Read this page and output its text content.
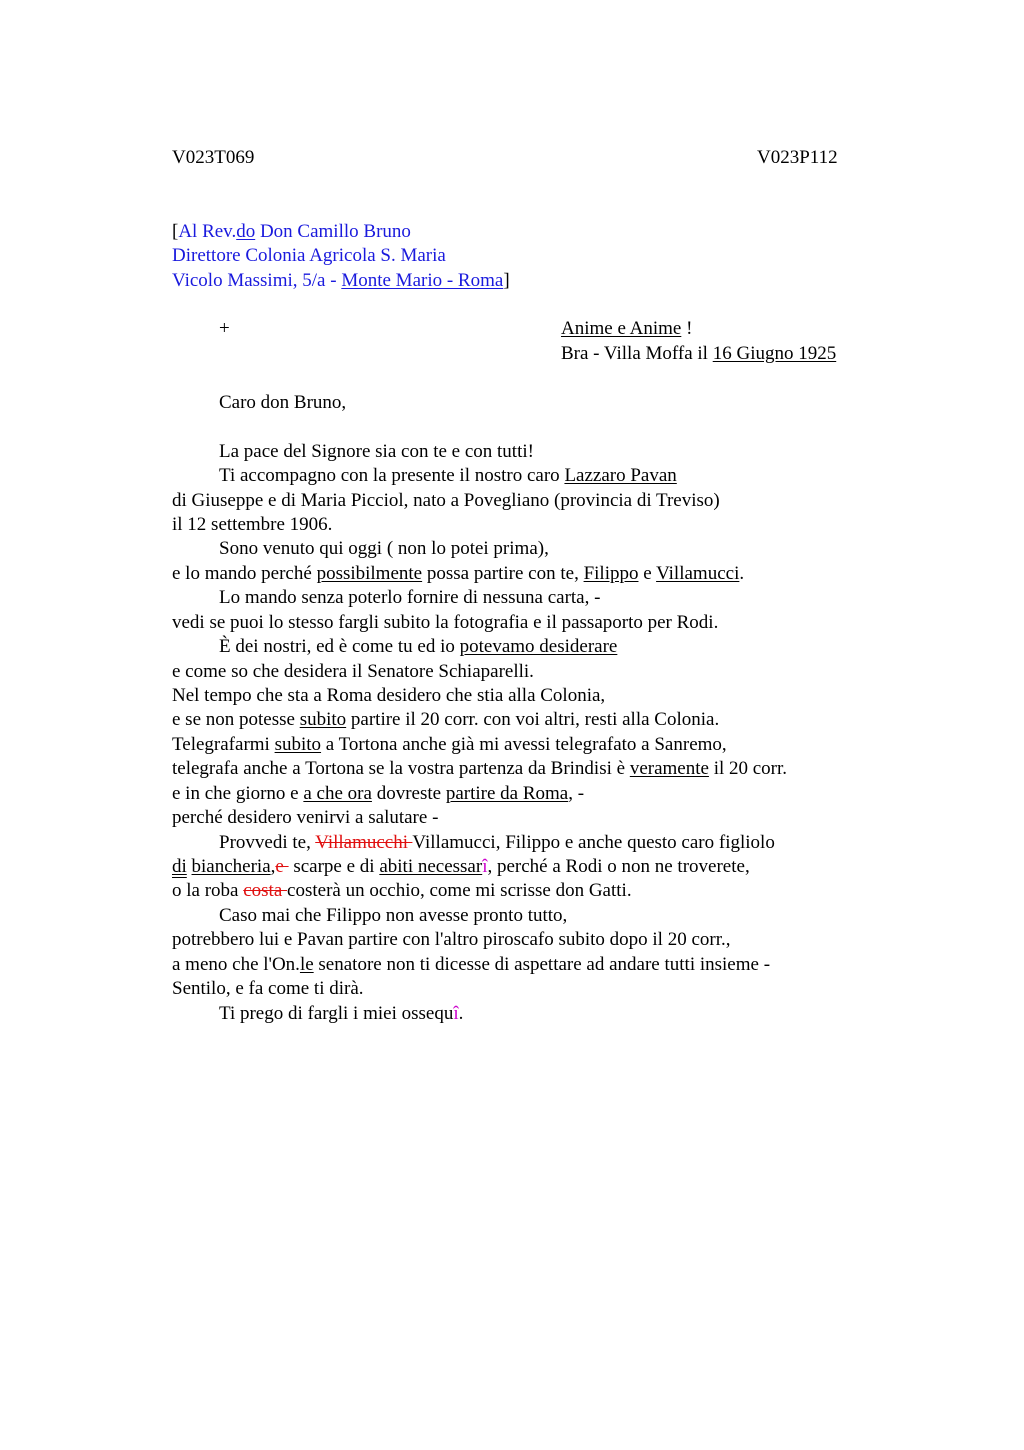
V023T069	V023P112
[Al Rev.do Don Camillo Bruno
Direttore Colonia Agricola S. Maria
Vicolo Massimi, 5/a - Monte Mario - Roma]
+	Anime e Anime !
Bra - Villa Moffa il 16 Giugno 1925
Caro don Bruno,
La pace del Signore sia con te e con tutti!
Ti accompagno con la presente il nostro caro Lazzaro Pavan
di Giuseppe e di Maria Picciol, nato a Povegliano (provincia di Treviso)
il 12 settembre 1906.
Sono venuto qui oggi ( non lo potei prima),
e lo mando perché possibilmente possa partire con te, Filippo e Villamucci.
Lo mando senza poterlo fornire di nessuna carta, -
vedi se puoi lo stesso fargli subito la fotografia e il passaporto per Rodi.
È dei nostri, ed è come tu ed io potevamo desiderare
e come so che desidera il Senatore Schiaparelli.
Nel tempo che sta a Roma desidero che stia alla Colonia,
e se non potesse subito partire il 20 corr. con voi altri, resti alla Colonia.
Telegrafarmi subito a Tortona anche già mi avessi telegrafato a Sanremo,
telegrafa anche a Tortona se la vostra partenza da Brindisi è veramente il 20 corr.
e in che giorno e a che ora dovreste partire da Roma, -
perché desidero venirvi a salutare -
Provvedi te, Villamucchi Villamucci, Filippo e anche questo caro figliolo
di biancheria,e  scarpe e di abiti necessarî, perché a Rodi o non ne troverete,
o la roba costa costerà un occhio, come mi scrisse don Gatti.
Caso mai che Filippo non avesse pronto tutto,
potrebbero lui e Pavan partire con l'altro piroscafo subito dopo il 20 corr.,
a meno che l'On.le senatore non ti dicesse di aspettare ad andare tutti insieme -
Sentilo, e fa come ti dirà.
Ti prego di fargli i miei ossequî.
